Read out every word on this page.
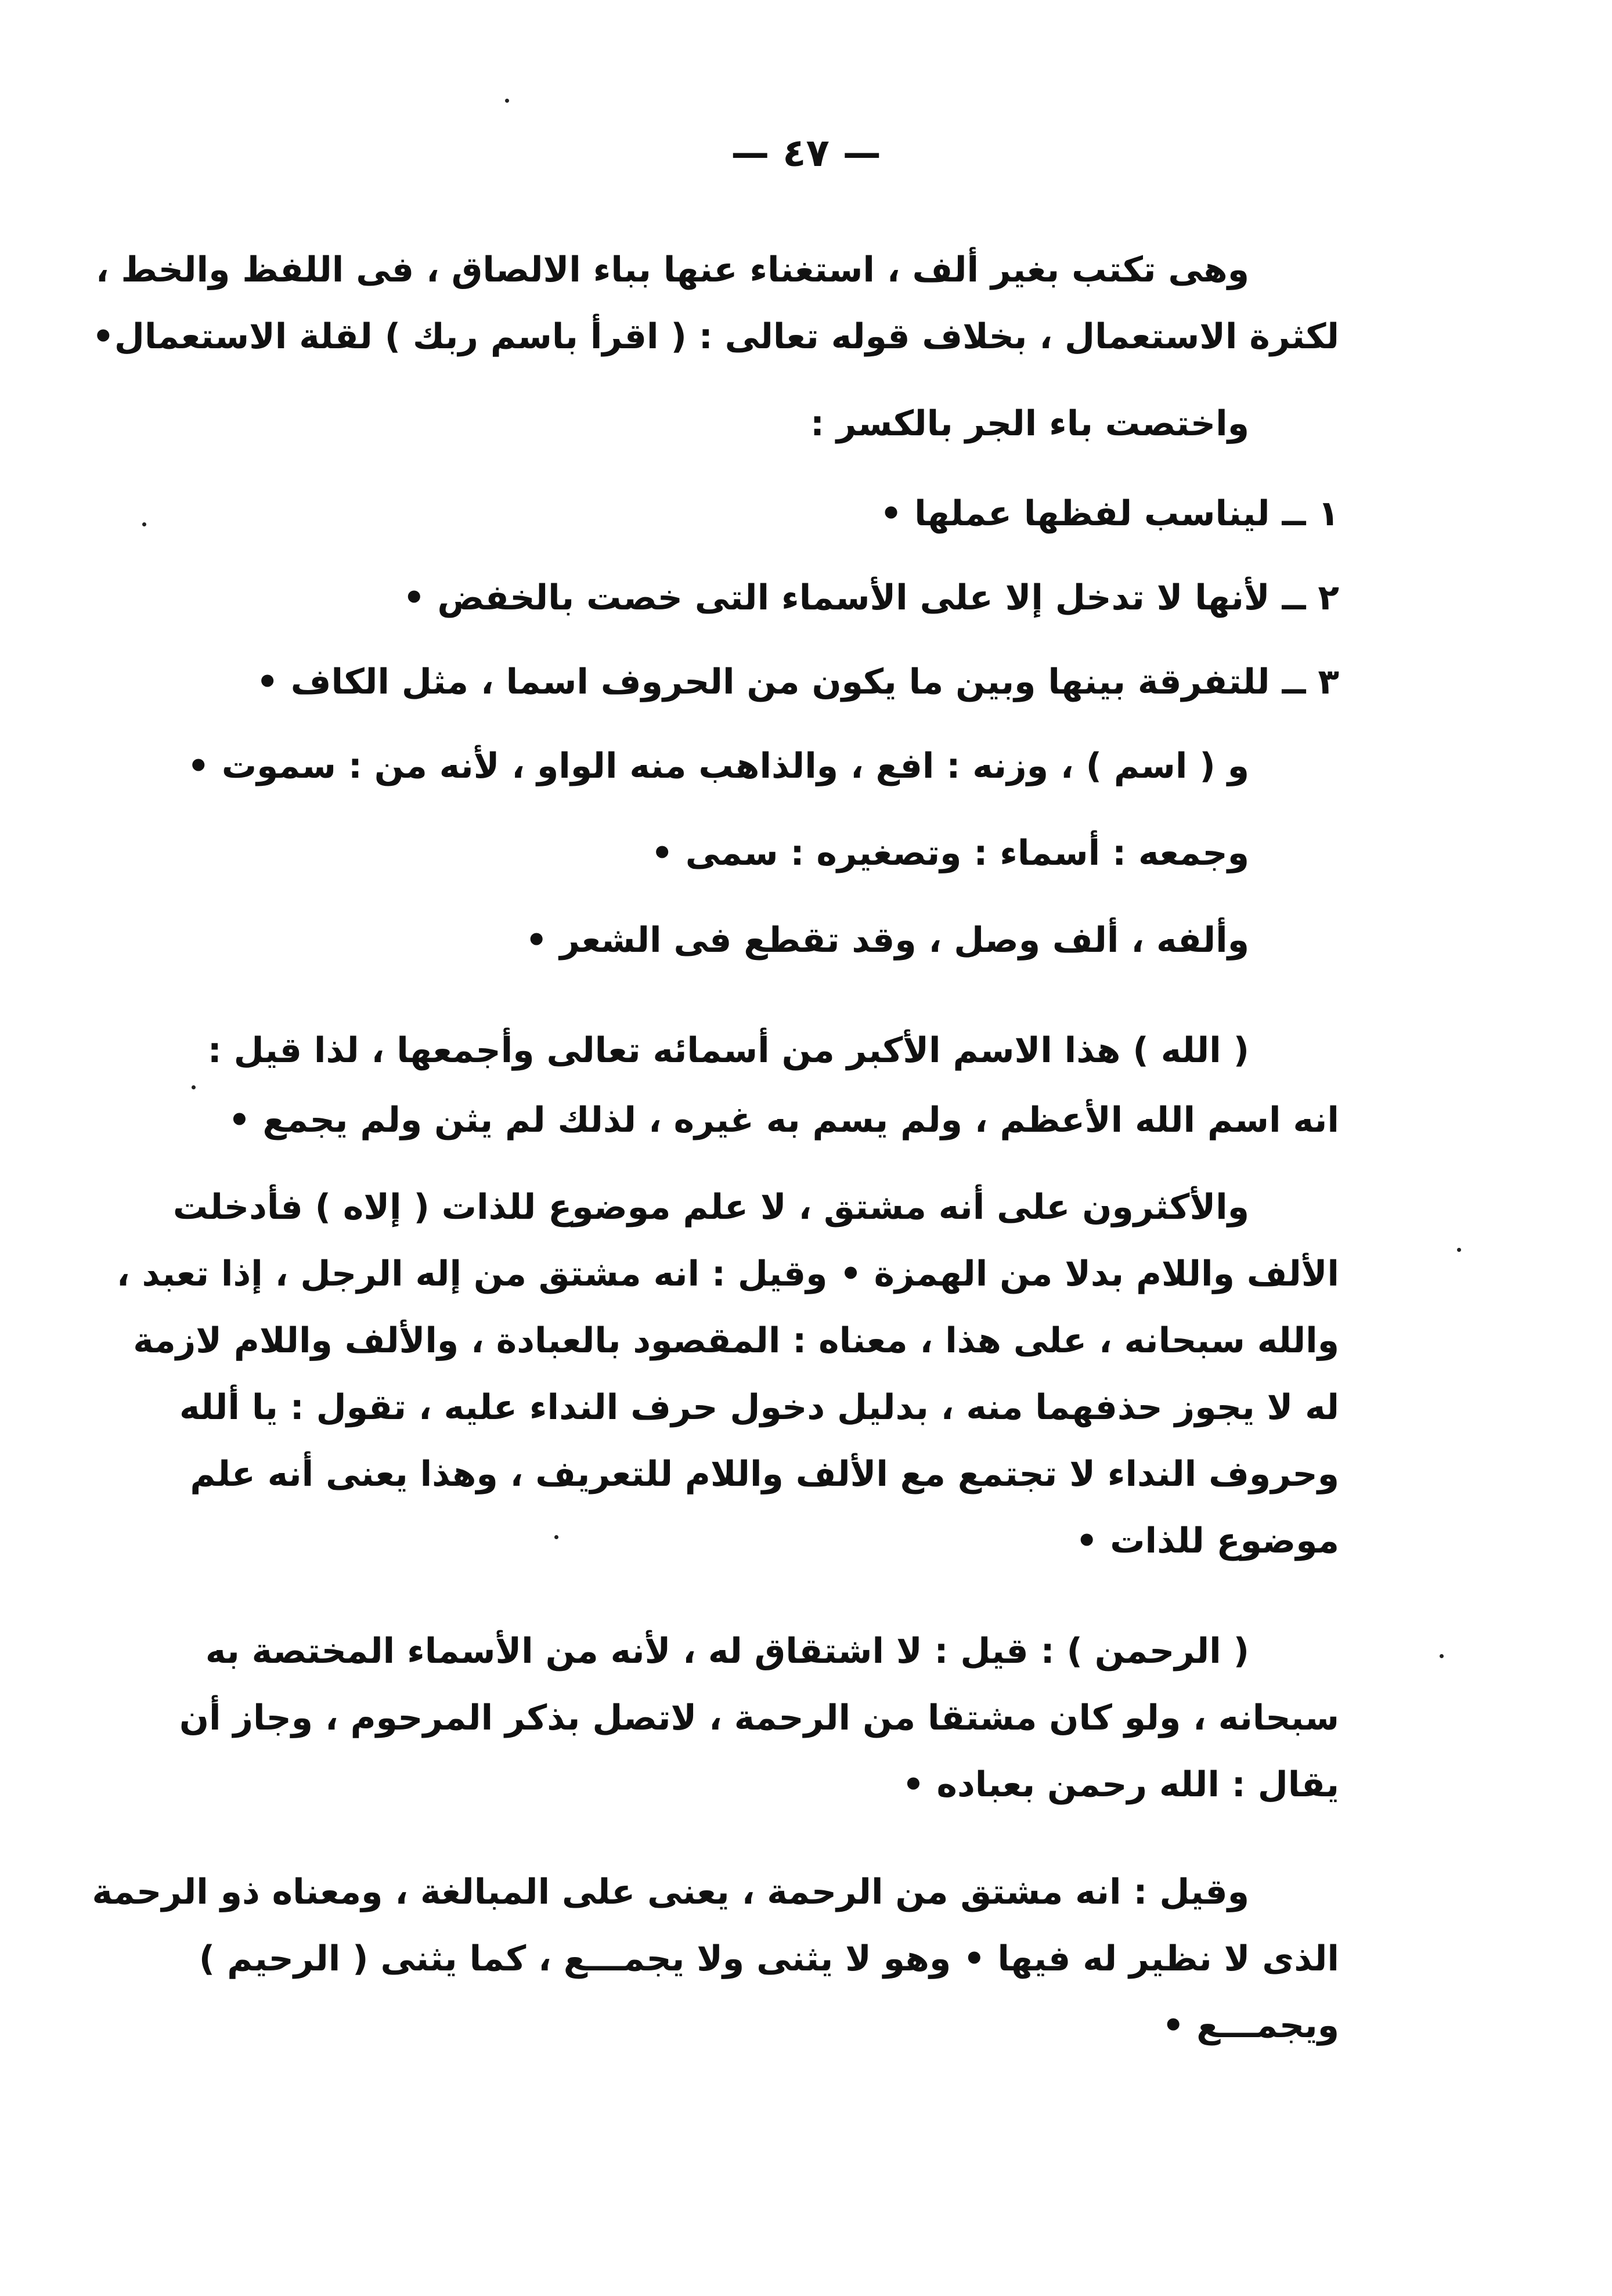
— ٤٧ —
وهى تكتب بغير ألف ، استغناء عنها بباء الالصاق ، فى اللفظ والخط ،
لكثرة الاستعمال ، بخلاف قوله تعالى : ( اقرأ باسم ربك ) لقلة الاستعمال•
واختصت باء الجر بالكسر :
١ ــ ليناسب لفظها عملها •
٢ ــ لأنها لا تدخل إلا على الأسماء التى خصت بالخفض •
٣ ــ للتفرقة بينها وبين ما يكون من الحروف اسما ، مثل الكاف •
و ( اسم ) ، وزنه : افع ، والذاهب منه الواو ، لأنه من : سموت •
وجمعه : أسماء : وتصغيره : سمى •
وألفه ، ألف وصل ، وقد تقطع فى الشعر •
( الله ) هذا الاسم الأكبر من أسمائه تعالى وأجمعها ، لذا قيل :
انه اسم الله الأعظم ، ولم يسم به غيره ، لذلك لم يثن ولم يجمع •
والأكثرون على أنه مشتق ، لا علم موضوع للذات ( إلاه ) فأدخلت
الألف واللام بدلا من الهمزة • وقيل : انه مشتق من إله الرجل ، إذا تعبد ،
والله سبحانه ، على هذا ، معناه : المقصود بالعبادة ، والألف واللام لازمة
له لا يجوز حذفهما منه ، بدليل دخول حرف النداء عليه ، تقول : يا ألله
وحروف النداء لا تجتمع مع الألف واللام للتعريف ، وهذا يعنى أنه علم
موضوع للذات •
( الرحمن ) : قيل : لا اشتقاق له ، لأنه من الأسماء المختصة به
سبحانه ، ولو كان مشتقا من الرحمة ، لاتصل بذكر المرحوم ، وجاز أن
يقال : الله رحمن بعباده •
وقيل : انه مشتق من الرحمة ، يعنى على المبالغة ، ومعناه ذو الرحمة
الذى لا نظير له فيها • وهو لا يثنى ولا يجمـــع ، كما يثنى ( الرحيم )
ويجمـــع •
